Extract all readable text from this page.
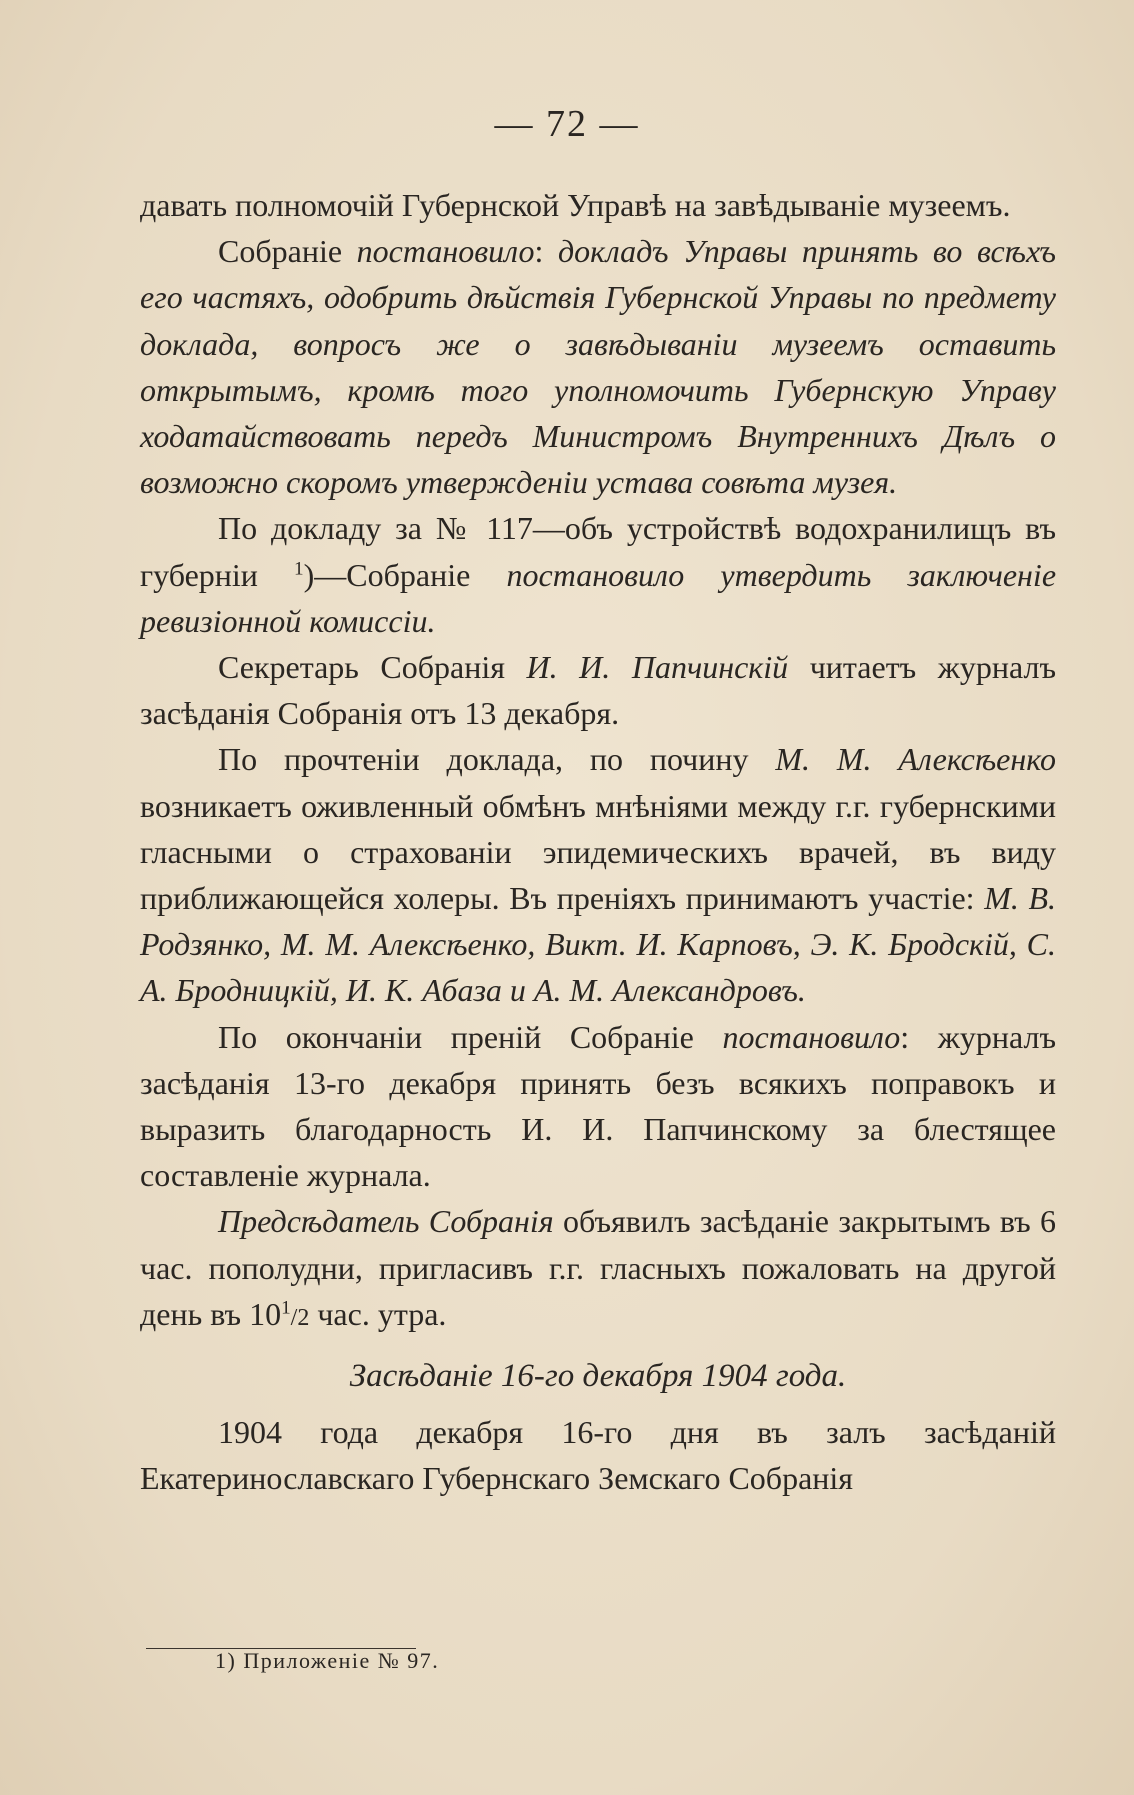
— 72 —

давать полномочій Губернской Управѣ на завѣдываніе музеемъ.

Собраніе постановило: докладъ Управы принять во всѣхъ его частяхъ, одобрить дѣйствія Губернской Управы по предмету доклада, вопросъ же о завѣдываніи музеемъ оставить открытымъ, кромѣ того уполномочить Губернскую Управу ходатайствовать передъ Министромъ Внутреннихъ Дѣлъ о возможно скоромъ утвержденіи устава совѣта музея.

По докладу за № 117—объ устройствѣ водохранилищъ въ губерніи $^1$)—Собраніе постановило утвердить заключеніе ревизіонной комиссіи.

Секретарь Собранія И. И. Папчинскій читаетъ журналъ засѣданія Собранія отъ 13 декабря.

По прочтеніи доклада, по почину М. М. Алексѣенко возникаетъ оживленный обмѣнъ мнѣніями между г.г. губернскими гласными о страхованіи эпидемическихъ врачей, въ виду приближающейся холеры. Въ преніяхъ принимаютъ участіе: М. В. Родзянко, М. М. Алексѣенко, Викт. И. Карповъ, Э. К. Бродскій, С. А. Бродницкій, И. К. Абаза и А. М. Александровъ.

По окончаніи преній Собраніе постановило: журналъ засѣданія 13-го декабря принять безъ всякихъ поправокъ и выразить благодарность И. И. Папчинскому за блестящее составленіе журнала.

Предсѣдатель Собранія объявилъ засѣданіе закрытымъ въ 6 час. пополудни, пригласивъ г.г. гласныхъ пожаловать на другой день въ $10^1/2$ час. утра.

Засѣданіе 16-го декабря 1904 года.

1904 года декабря 16-го дня въ залъ засѣданій Екатеринославскаго Губернскаго Земскаго Собранія

1) Приложеніе № 97.
